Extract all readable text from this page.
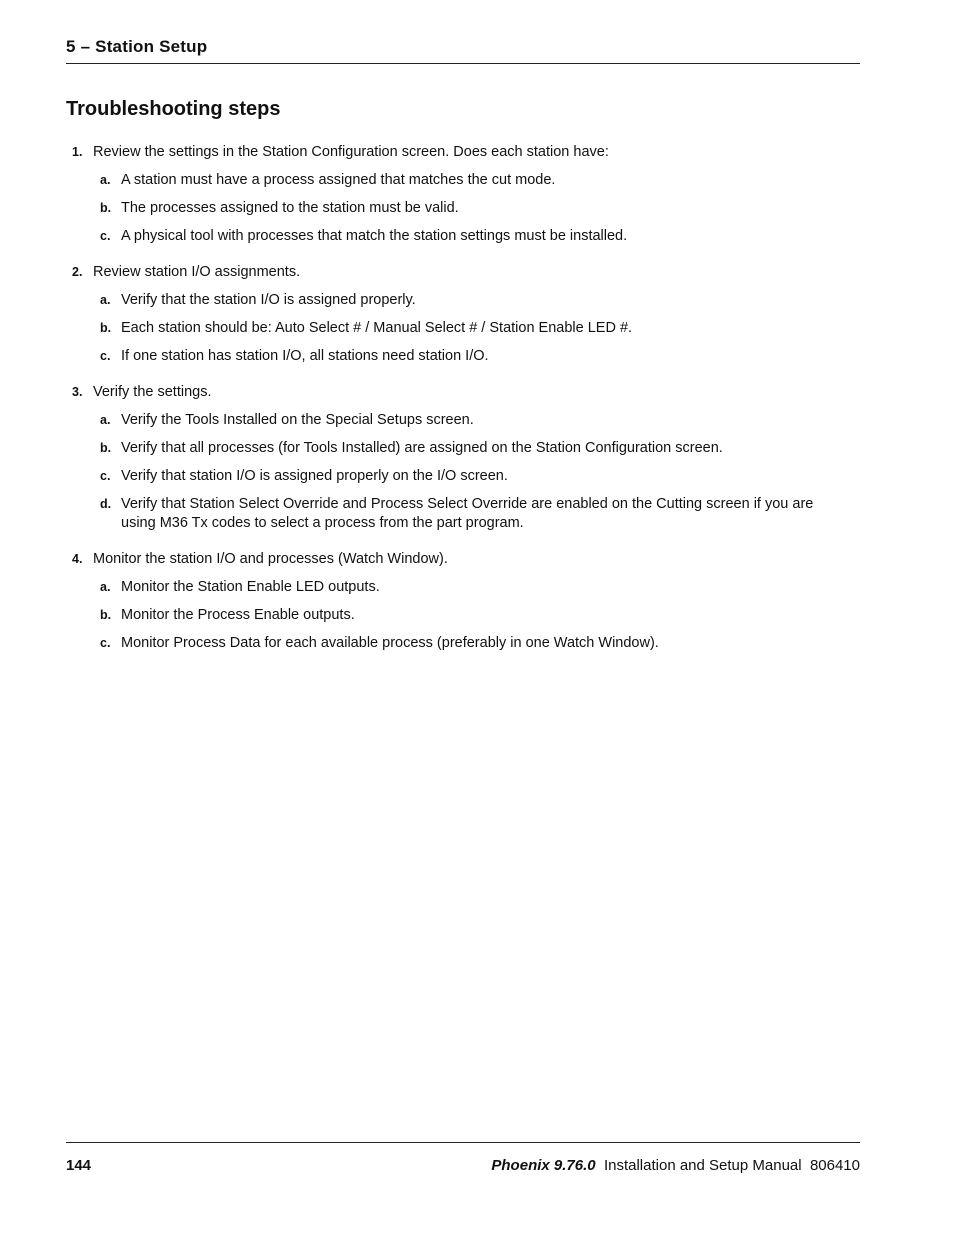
5 – Station Setup
Troubleshooting steps
1. Review the settings in the Station Configuration screen. Does each station have:
a. A station must have a process assigned that matches the cut mode.
b. The processes assigned to the station must be valid.
c. A physical tool with processes that match the station settings must be installed.
2. Review station I/O assignments.
a. Verify that the station I/O is assigned properly.
b. Each station should be: Auto Select # / Manual Select # / Station Enable LED #.
c. If one station has station I/O, all stations need station I/O.
3. Verify the settings.
a. Verify the Tools Installed on the Special Setups screen.
b. Verify that all processes (for Tools Installed) are assigned on the Station Configuration screen.
c. Verify that station I/O is assigned properly on the I/O screen.
d. Verify that Station Select Override and Process Select Override are enabled on the Cutting screen if you are using M36 Tx codes to select a process from the part program.
4. Monitor the station I/O and processes (Watch Window).
a. Monitor the Station Enable LED outputs.
b. Monitor the Process Enable outputs.
c. Monitor Process Data for each available process (preferably in one Watch Window).
144	Phoenix 9.76.0 Installation and Setup Manual 806410
